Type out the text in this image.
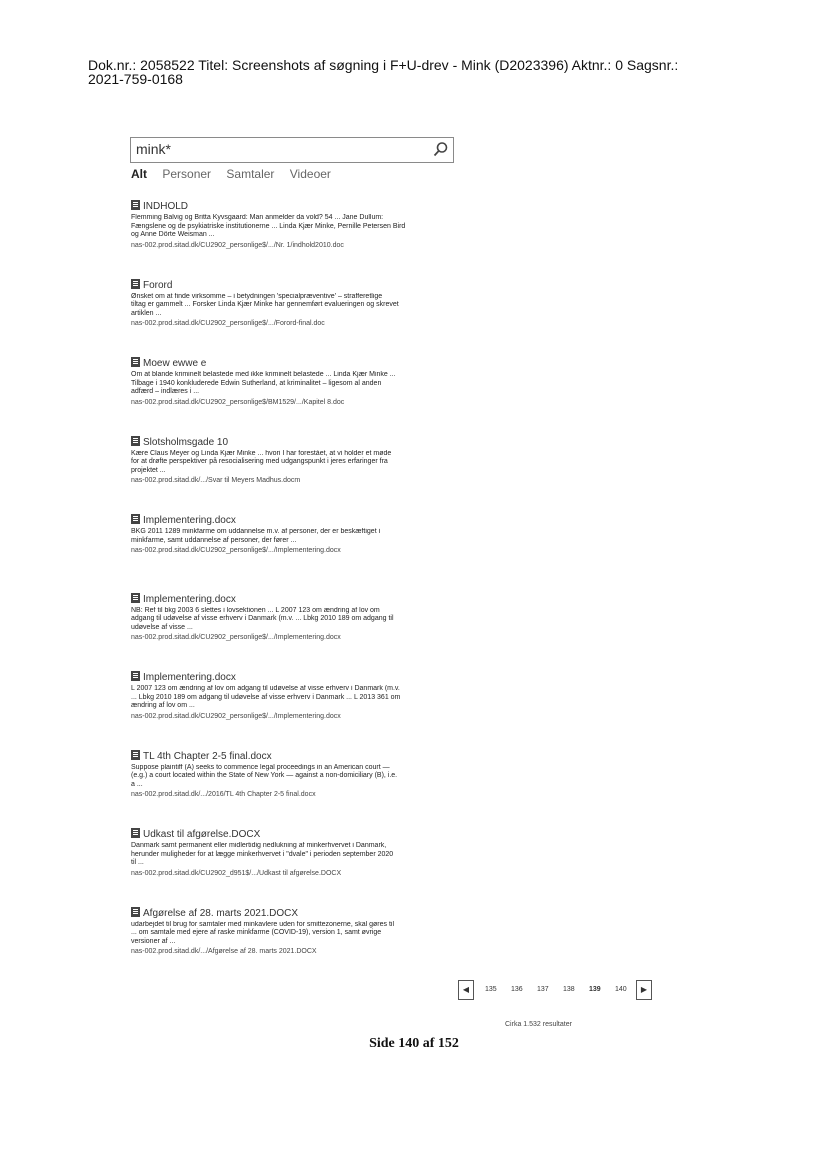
Dok.nr.: 2058522 Titel: Screenshots af søgning i F+U-drev - Mink (D2023396) Aktnr.: 0 Sagsnr.:
2021-759-0168
mink*
Alt Personer Samtaler Videoer
INDHOLD
Flemming Balvig og Britta Kyvsgaard: Man anmelder da vold? 54 ... Jane Dullum:
Fængslene og de psykiatriske institutionerne ... Linda Kjær Minke, Pernille Petersen Bird
og Anne Dörte Weisman ...
nas-002.prod.sitad.dk/CU2902_personlige$/.../Nr. 1/indhold2010.doc
Forord
Ønsket om at finde virksomme – i betydningen 'specialpræventive' – strafferetlige
tiltag er gammelt ... Forsker Linda Kjær Minke har gennemført evalueringen og skrevet
artiklen ...
nas-002.prod.sitad.dk/CU2902_personlige$/.../Forord-final.doc
Moew ewwe e
Om at blande kriminelt belastede med ikke kriminelt belastede ... Linda Kjær Minke ...
Tilbage i 1940 konkluderede Edwin Sutherland, at kriminalitet – ligesom al anden
adfærd – indlæres i ...
nas-002.prod.sitad.dk/CU2902_personlige$/BM1529/.../Kapitel 8.doc
Slotsholmsgade 10
Kære Claus Meyer og Linda Kjær Minke ... hvori I har forestået, at vi holder et møde
for at drøfte perspektiver på resocialisering med udgangspunkt i jeres erfaringer fra
projektet ...
nas-002.prod.sitad.dk/.../Svar til Meyers Madhus.docm
Implementering.docx
BKG 2011 1289 minkfarme om uddannelse m.v. af personer, der er beskæftiget i
minkfarme, samt uddannelse af personer, der fører ...
nas-002.prod.sitad.dk/CU2902_personlige$/.../Implementering.docx
Implementering.docx
NB: Ref til bkg 2003 6 slettes i lovsektionen ... L 2007 123 om ændring af lov om
adgang til udøvelse af visse erhverv i Danmark (m.v. ... Lbkg 2010 189 om adgang til
udøvelse af visse ...
nas-002.prod.sitad.dk/CU2902_personlige$/.../Implementering.docx
Implementering.docx
L 2007 123 om ændring af lov om adgang til udøvelse af visse erhverv i Danmark (m.v.
... Lbkg 2010 189 om adgang til udøvelse af visse erhverv i Danmark ... L 2013 361 om
ændring af lov om ...
nas-002.prod.sitad.dk/CU2902_personlige$/.../Implementering.docx
TL 4th Chapter 2-5 final.docx
Suppose plaintiff (A) seeks to commence legal proceedings in an American court —
(e.g.) a court located within the State of New York — against a non-domiciliary (B), i.e.
a ...
nas-002.prod.sitad.dk/.../2016/TL 4th Chapter 2-5 final.docx
Udkast til afgørelse.DOCX
Danmark samt permanent eller midlertidig nedlukning af minkerhvervet i Danmark,
herunder muligheder for at lægge minkerhvervet i "dvale" i perioden september 2020
til ...
nas-002.prod.sitad.dk/CU2902_d951$/.../Udkast til afgørelse.DOCX
Afgørelse af 28. marts 2021.DOCX
udarbejdet til brug for samtaler med minkavlere uden for smittezonerne, skal gøres til
... om samtale med ejere af raske minkfarme (COVID-19), version 1, samt øvrige
versioner af ...
nas-002.prod.sitad.dk/.../Afgørelse af 28. marts 2021.DOCX
◀	135 136 137 138 139 140	▶
Cirka 1.532 resultater
Side 140 af 152
